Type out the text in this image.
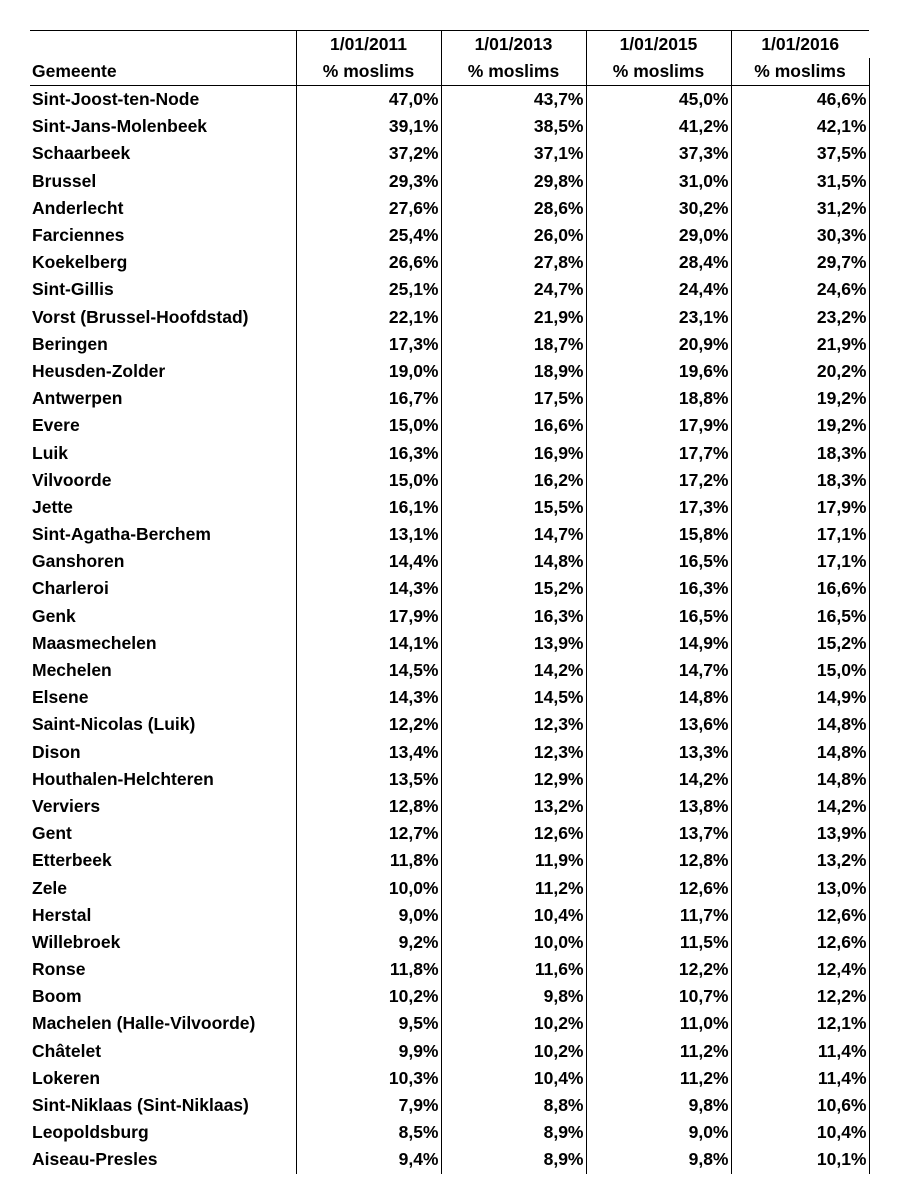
	1/01/2011	1/01/2013	1/01/2015	1/01/2016
Gemeente	% moslims	% moslims	% moslims	% moslims
Sint-Joost-ten-Node	47,0%	43,7%	45,0%	46,6%
Sint-Jans-Molenbeek	39,1%	38,5%	41,2%	42,1%
Schaarbeek	37,2%	37,1%	37,3%	37,5%
Brussel	29,3%	29,8%	31,0%	31,5%
Anderlecht	27,6%	28,6%	30,2%	31,2%
Farciennes	25,4%	26,0%	29,0%	30,3%
Koekelberg	26,6%	27,8%	28,4%	29,7%
Sint-Gillis	25,1%	24,7%	24,4%	24,6%
Vorst (Brussel-Hoofdstad)	22,1%	21,9%	23,1%	23,2%
Beringen	17,3%	18,7%	20,9%	21,9%
Heusden-Zolder	19,0%	18,9%	19,6%	20,2%
Antwerpen	16,7%	17,5%	18,8%	19,2%
Evere	15,0%	16,6%	17,9%	19,2%
Luik	16,3%	16,9%	17,7%	18,3%
Vilvoorde	15,0%	16,2%	17,2%	18,3%
Jette	16,1%	15,5%	17,3%	17,9%
Sint-Agatha-Berchem	13,1%	14,7%	15,8%	17,1%
Ganshoren	14,4%	14,8%	16,5%	17,1%
Charleroi	14,3%	15,2%	16,3%	16,6%
Genk	17,9%	16,3%	16,5%	16,5%
Maasmechelen	14,1%	13,9%	14,9%	15,2%
Mechelen	14,5%	14,2%	14,7%	15,0%
Elsene	14,3%	14,5%	14,8%	14,9%
Saint-Nicolas (Luik)	12,2%	12,3%	13,6%	14,8%
Dison	13,4%	12,3%	13,3%	14,8%
Houthalen-Helchteren	13,5%	12,9%	14,2%	14,8%
Verviers	12,8%	13,2%	13,8%	14,2%
Gent	12,7%	12,6%	13,7%	13,9%
Etterbeek	11,8%	11,9%	12,8%	13,2%
Zele	10,0%	11,2%	12,6%	13,0%
Herstal	9,0%	10,4%	11,7%	12,6%
Willebroek	9,2%	10,0%	11,5%	12,6%
Ronse	11,8%	11,6%	12,2%	12,4%
Boom	10,2%	9,8%	10,7%	12,2%
Machelen (Halle-Vilvoorde)	9,5%	10,2%	11,0%	12,1%
Châtelet	9,9%	10,2%	11,2%	11,4%
Lokeren	10,3%	10,4%	11,2%	11,4%
Sint-Niklaas (Sint-Niklaas)	7,9%	8,8%	9,8%	10,6%
Leopoldsburg	8,5%	8,9%	9,0%	10,4%
Aiseau-Presles	9,4%	8,9%	9,8%	10,1%
